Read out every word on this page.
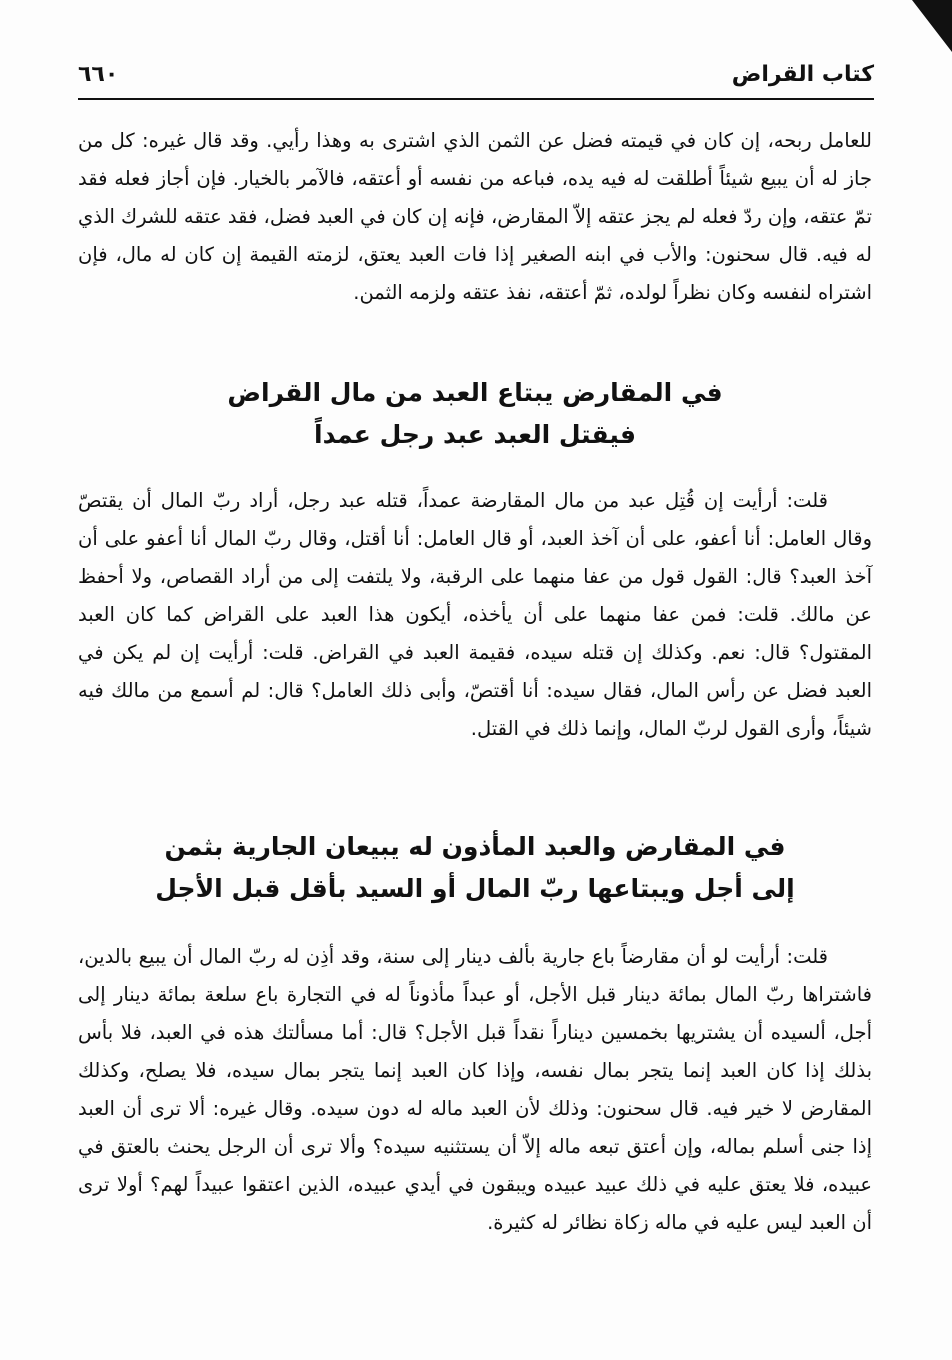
كتاب القراض
٦٦٠

للعامل ربحه، إن كان في قيمته فضل عن الثمن الذي اشترى به وهذا رأيي. وقد قال غيره: كل من جاز له أن يبيع شيئاً أطلقت له فيه يده، فباعه من نفسه أو أعتقه، فالآمر بالخيار. فإن أجاز فعله فقد تمّ عتقه، وإن ردّ فعله لم يجز عتقه إلاّ المقارض، فإنه إن كان في العبد فضل، فقد عتقه للشرك الذي له فيه. قال سحنون: والأب في ابنه الصغير إذا فات العبد يعتق، لزمته القيمة إن كان له مال، فإن اشتراه لنفسه وكان نظراً لولده، ثمّ أعتقه، نفذ عتقه ولزمه الثمن.

في المقارض يبتاع العبد من مال القراض
فيقتل العبد عبد رجل عمداً

قلت: أرأيت إن قُتِل عبد من مال المقارضة عمداً، قتله عبد رجل، أراد ربّ المال أن يقتصّ وقال العامل: أنا أعفو، على أن آخذ العبد، أو قال العامل: أنا أقتل، وقال ربّ المال أنا أعفو على أن آخذ العبد؟ قال: القول قول من عفا منهما على الرقبة، ولا يلتفت إلى من أراد القصاص، ولا أحفظ عن مالك. قلت: فمن عفا منهما على أن يأخذه، أيكون هذا العبد على القراض كما كان العبد المقتول؟ قال: نعم. وكذلك إن قتله سيده، فقيمة العبد في القراض. قلت: أرأيت إن لم يكن في العبد فضل عن رأس المال، فقال سيده: أنا أقتصّ، وأبى ذلك العامل؟ قال: لم أسمع من مالك فيه شيئاً، وأرى القول لربّ المال، وإنما ذلك في القتل.

في المقارض والعبد المأذون له يبيعان الجارية بثمن
إلى أجل ويبتاعها ربّ المال أو السيد بأقل قبل الأجل

قلت: أرأيت لو أن مقارضاً باع جارية بألف دينار إلى سنة، وقد أذِن له ربّ المال أن يبيع بالدين، فاشتراها ربّ المال بمائة دينار قبل الأجل، أو عبداً مأذوناً له في التجارة باع سلعة بمائة دينار إلى أجل، ألسيده أن يشتريها بخمسين ديناراً نقداً قبل الأجل؟ قال: أما مسألتك هذه في العبد، فلا بأس بذلك إذا كان العبد إنما يتجر بمال نفسه، وإذا كان العبد إنما يتجر بمال سيده، فلا يصلح، وكذلك المقارض لا خير فيه. قال سحنون: وذلك لأن العبد ماله له دون سيده. وقال غيره: ألا ترى أن العبد إذا جنى أسلم بماله، وإن أعتق تبعه ماله إلاّ أن يستثنيه سيده؟ وألا ترى أن الرجل يحنث بالعتق في عبيده، فلا يعتق عليه في ذلك عبيد عبيده ويبقون في أيدي عبيده، الذين اعتقوا عبيداً لهم؟ أولا ترى أن العبد ليس عليه في ماله زكاة نظائر له كثيرة.
